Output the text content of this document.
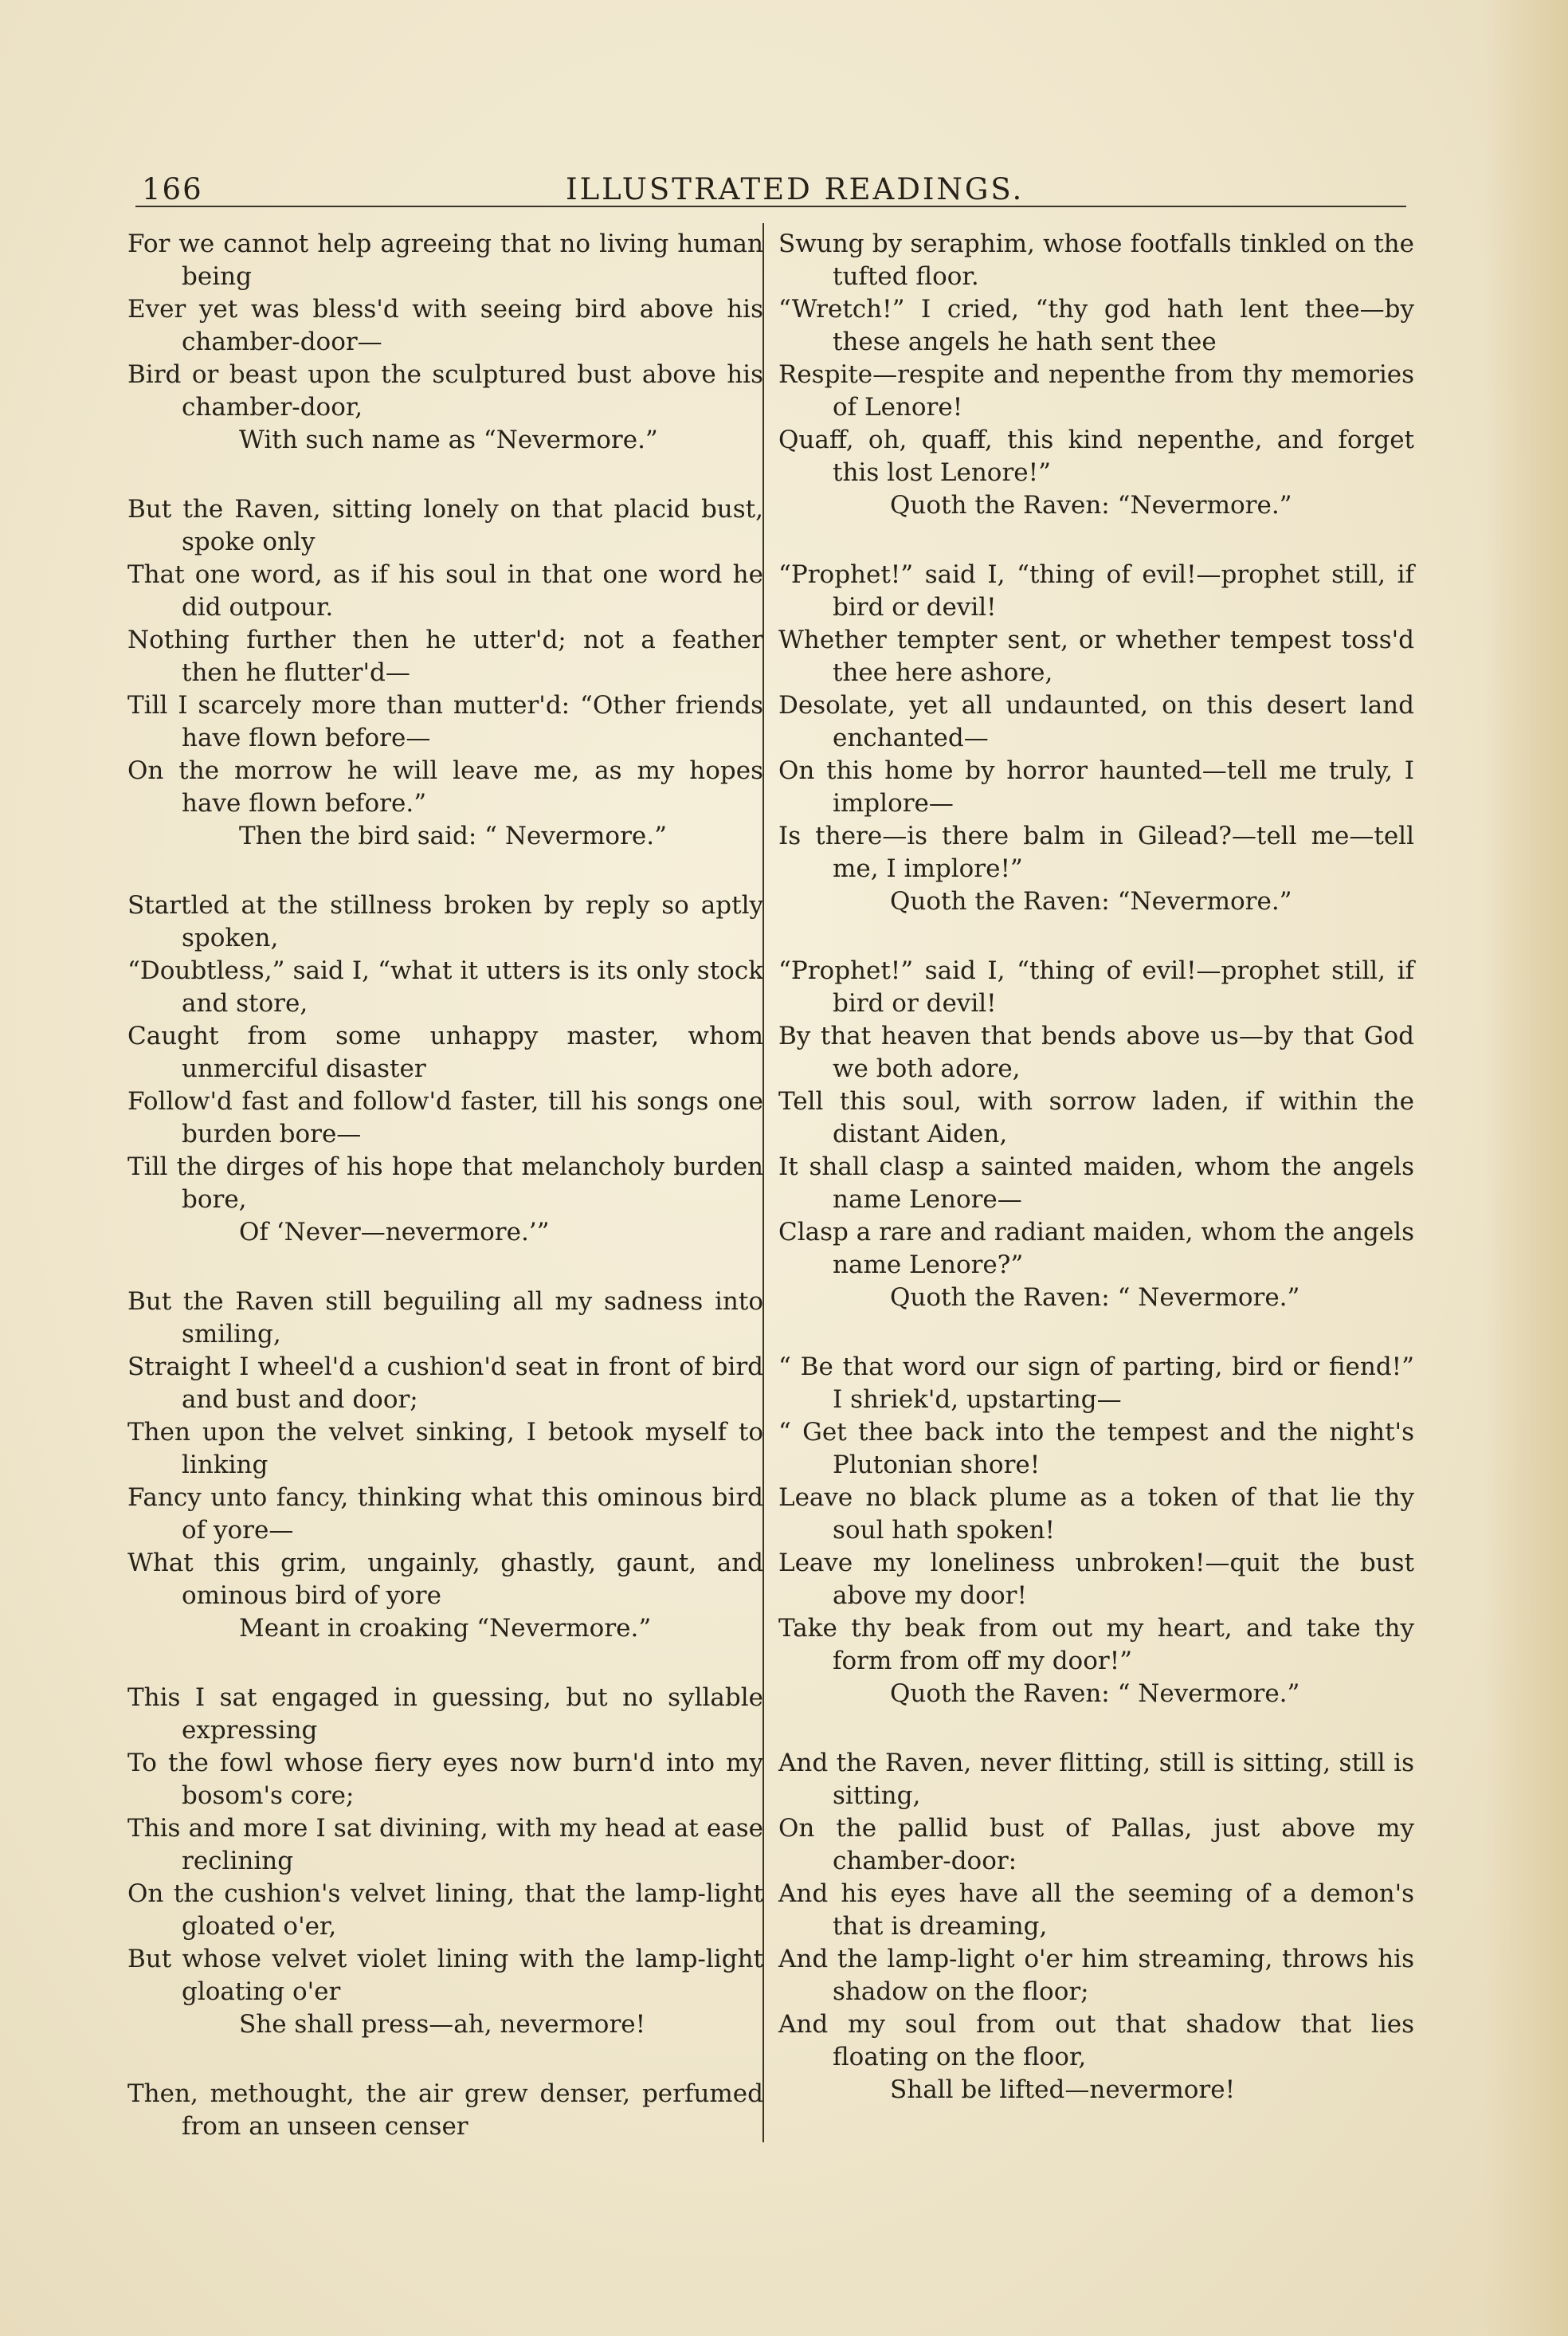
166	ILLUSTRATED READINGS.

For we cannot help agreeing that no living human being

Ever yet was bless'd with seeing bird above his chamber-door—

Bird or beast upon the sculptured bust above his chamber-door,

With such name as “Nevermore.”

But the Raven, sitting lonely on that placid bust, spoke only

That one word, as if his soul in that one word he did outpour.

Nothing further then he utter'd; not a feather then he flutter'd—

Till I scarcely more than mutter'd: “Other friends have flown before—

On the morrow he will leave me, as my hopes have flown before.”

Then the bird said: “ Nevermore.”

Startled at the stillness broken by reply so aptly spoken,

“Doubtless,” said I, “what it utters is its only stock and store,

Caught from some unhappy master, whom unmerciful disaster

Follow'd fast and follow'd faster, till his songs one burden bore—

Till the dirges of his hope that melancholy burden bore,

Of ‘Never—nevermore.’”

But the Raven still beguiling all my sadness into smiling,

Straight I wheel'd a cushion'd seat in front of bird and bust and door;

Then upon the velvet sinking, I betook myself to linking

Fancy unto fancy, thinking what this ominous bird of yore—

What this grim, ungainly, ghastly, gaunt, and ominous bird of yore

Meant in croaking “Nevermore.”

This I sat engaged in guessing, but no syllable expressing

To the fowl whose fiery eyes now burn'd into my bosom's core;

This and more I sat divining, with my head at ease reclining

On the cushion's velvet lining, that the lamp-light gloated o'er,

But whose velvet violet lining with the lamp-light gloating o'er

She shall press—ah, nevermore!

Then, methought, the air grew denser, perfumed from an unseen censer

Swung by seraphim, whose footfalls tinkled on the tufted floor.

“Wretch!” I cried, “thy god hath lent thee—by these angels he hath sent thee

Respite—respite and nepenthe from thy memories of Lenore!

Quaff, oh, quaff, this kind nepenthe, and forget this lost Lenore!”

Quoth the Raven: “Nevermore.”

“Prophet!” said I, “thing of evil!—prophet still, if bird or devil!

Whether tempter sent, or whether tempest toss'd thee here ashore,

Desolate, yet all undaunted, on this desert land enchanted—

On this home by horror haunted—tell me truly, I implore—

Is there—is there balm in Gilead?—tell me—tell me, I implore!”

Quoth the Raven: “Nevermore.”

“Prophet!” said I, “thing of evil!—prophet still, if bird or devil!

By that heaven that bends above us—by that God we both adore,

Tell this soul, with sorrow laden, if within the distant Aiden,

It shall clasp a sainted maiden, whom the angels name Lenore—

Clasp a rare and radiant maiden, whom the angels name Lenore?”

Quoth the Raven: “ Nevermore.”

“ Be that word our sign of parting, bird or fiend!” I shriek'd, upstarting—

“ Get thee back into the tempest and the night's Plutonian shore!

Leave no black plume as a token of that lie thy soul hath spoken!

Leave my loneliness unbroken!—quit the bust above my door!

Take thy beak from out my heart, and take thy form from off my door!”

Quoth the Raven: “ Nevermore.”

And the Raven, never flitting, still is sitting, still is sitting,

On the pallid bust of Pallas, just above my chamber-door:

And his eyes have all the seeming of a demon's that is dreaming,

And the lamp-light o'er him streaming, throws his shadow on the floor;

And my soul from out that shadow that lies floating on the floor,

Shall be lifted—nevermore!
